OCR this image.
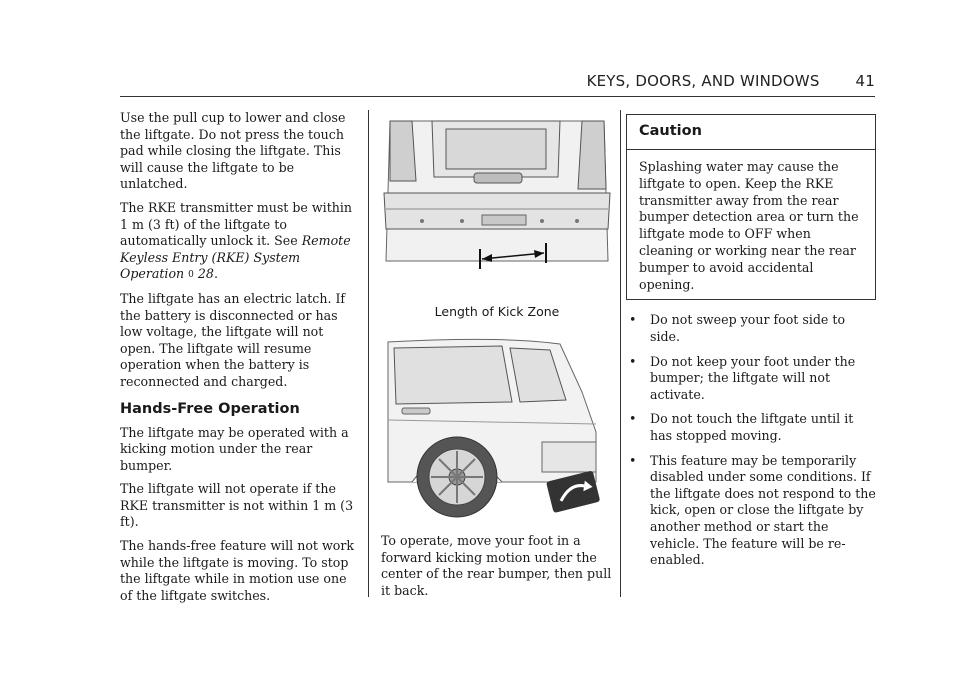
KEYS, DOORS, AND WINDOWS 41

Use the pull cup to lower and close the liftgate. Do not press the touch pad while closing the liftgate. This will cause the liftgate to be unlatched.

The RKE transmitter must be within 1 m (3 ft) of the liftgate to automatically unlock it. See Remote Keyless Entry (RKE) System Operation 0 28.

The liftgate has an electric latch. If the battery is disconnected or has low voltage, the liftgate will not open. The liftgate will resume operation when the battery is reconnected and charged.

Hands-Free Operation

The liftgate may be operated with a kicking motion under the rear bumper.

The liftgate will not operate if the RKE transmitter is not within 1 m (3 ft).

The hands-free feature will not work while the liftgate is moving. To stop the liftgate while in motion use one of the liftgate switches.

Length of Kick Zone

To operate, move your foot in a forward kicking motion under the center of the rear bumper, then pull it back.

Caution

Splashing water may cause the liftgate to open. Keep the RKE transmitter away from the rear bumper detection area or turn the liftgate mode to OFF when cleaning or working near the rear bumper to avoid accidental opening.

• Do not sweep your foot side to side.
• Do not keep your foot under the bumper; the liftgate will not activate.
• Do not touch the liftgate until it has stopped moving.
• This feature may be temporarily disabled under some conditions. If the liftgate does not respond to the kick, open or close the liftgate by another method or start the vehicle. The feature will be re-enabled.
